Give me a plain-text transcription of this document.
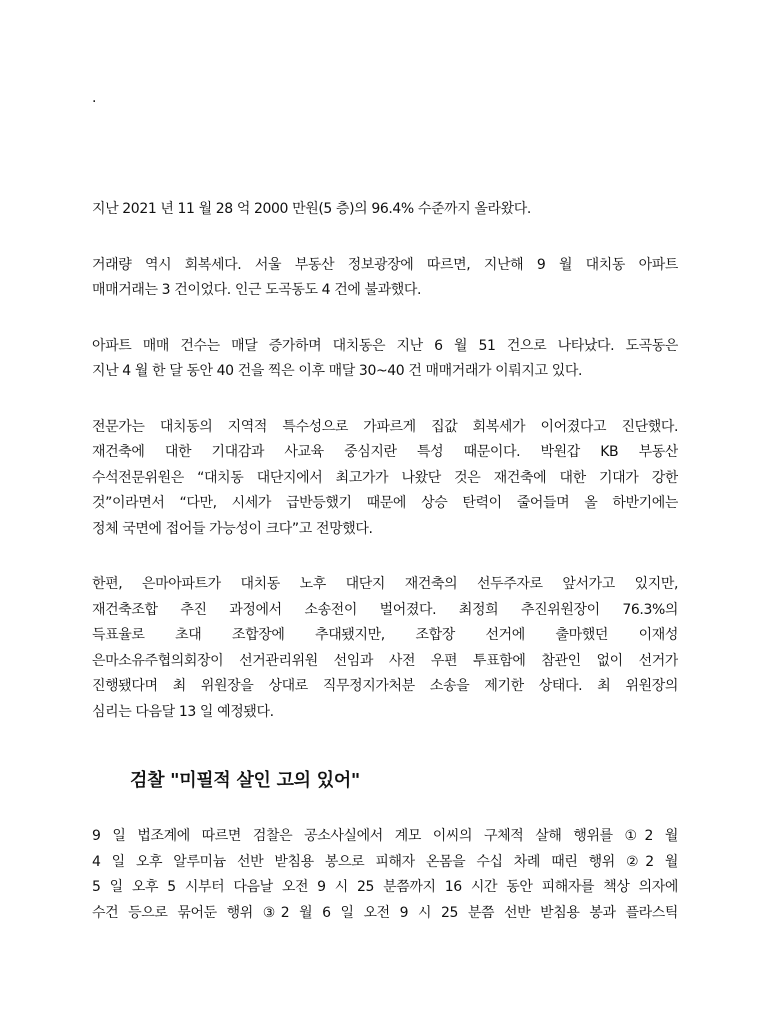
.
지난 2021 년 11 월 28 억 2000 만원(5 층)의 96.4% 수준까지 올라왔다.
거래량 역시 회복세다. 서울 부동산 정보광장에 따르면, 지난해 9 월 대치동 아파트
매매거래는 3 건이었다. 인근 도곡동도 4 건에 불과했다.
아파트 매매 건수는 매달 증가하며 대치동은 지난 6 월 51 건으로 나타났다. 도곡동은
지난 4 월 한 달 동안 40 건을 찍은 이후 매달 30~40 건 매매거래가 이뤄지고 있다.
전문가는 대치동의 지역적 특수성으로 가파르게 집값 회복세가 이어졌다고 진단했다.
재건축에 대한 기대감과 사교육 중심지란 특성 때문이다. 박원갑 KB 부동산
수석전문위원은 “대치동 대단지에서 최고가가 나왔단 것은 재건축에 대한 기대가 강한
것”이라면서 “다만, 시세가 급반등했기 때문에 상승 탄력이 줄어들며 올 하반기에는
정체 국면에 접어들 가능성이 크다”고 전망했다.
한편, 은마아파트가 대치동 노후 대단지 재건축의 선두주자로 앞서가고 있지만,
재건축조합 추진 과정에서 소송전이 벌어졌다. 최정희 추진위원장이 76.3%의
득표율로 초대 조합장에 추대됐지만, 조합장 선거에 출마했던 이재성
은마소유주협의회장이 선거관리위원 선임과 사전 우편 투표함에 참관인 없이 선거가
진행됐다며 최 위원장을 상대로 직무정지가처분 소송을 제기한 상태다. 최 위원장의
심리는 다음달 13 일 예정됐다.
검찰 "미필적 살인 고의 있어"
9 일 법조계에 따르면 검찰은 공소사실에서 계모 이씨의 구체적 살해 행위를 ①2 월
4 일 오후 알루미늄 선반 받침용 봉으로 피해자 온몸을 수십 차례 때린 행위 ②2 월
5 일 오후 5 시부터 다음날 오전 9 시 25 분쯤까지 16 시간 동안 피해자를 책상 의자에
수건 등으로 묶어둔 행위 ③2 월 6 일 오전 9 시 25 분쯤 선반 받침용 봉과 플라스틱
